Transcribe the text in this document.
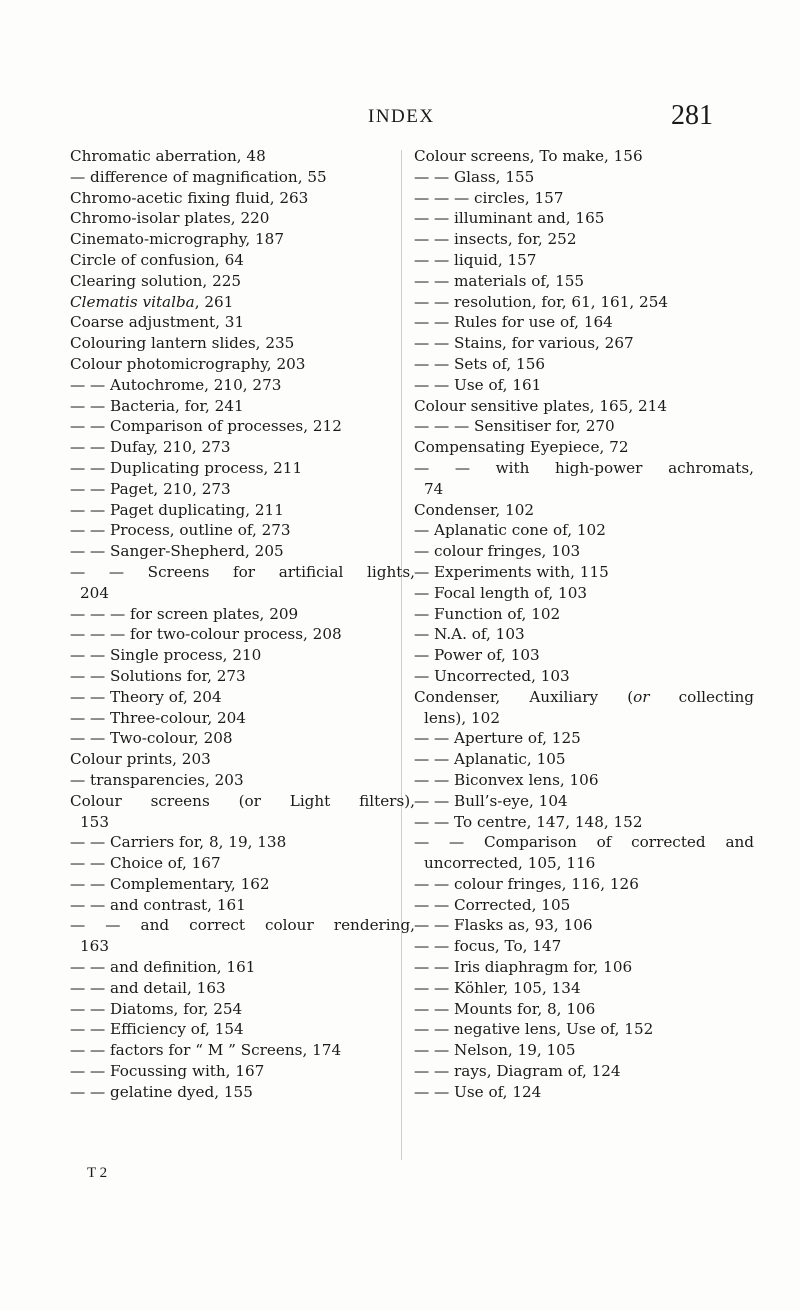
INDEX	281
Chromatic aberration, 48
— difference of magnification, 55
Chromo-acetic fixing fluid, 263
Chromo-isolar plates, 220
Cinemato-micrography, 187
Circle of confusion, 64
Clearing solution, 225
Clematis vitalba, 261
Coarse adjustment, 31
Colouring lantern slides, 235
Colour photomicrography, 203
— — Autochrome, 210, 273
— — Bacteria, for, 241
— — Comparison of processes, 212
— — Dufay, 210, 273
— — Duplicating process, 211
— — Paget, 210, 273
— — Paget duplicating, 211
— — Process, outline of, 273
— — Sanger-Shepherd, 205
— — Screens for artificial lights,
204
— — — for screen plates, 209
— — — for two-colour process, 208
— — Single process, 210
— — Solutions for, 273
— — Theory of, 204
— — Three-colour, 204
— — Two-colour, 208
Colour prints, 203
— transparencies, 203
Colour screens (or Light filters),
153
— — Carriers for, 8, 19, 138
— — Choice of, 167
— — Complementary, 162
— — and contrast, 161
— — and correct colour rendering,
163
— — and definition, 161
— — and detail, 163
— — Diatoms, for, 254
— — Efficiency of, 154
— — factors for “ M ” Screens, 174
— — Focussing with, 167
— — gelatine dyed, 155
Colour screens, To make, 156
— — Glass, 155
— — — circles, 157
— — illuminant and, 165
— — insects, for, 252
— — liquid, 157
— — materials of, 155
— — resolution, for, 61, 161, 254
— — Rules for use of, 164
— — Stains, for various, 267
— — Sets of, 156
— — Use of, 161
Colour sensitive plates, 165, 214
— — — Sensitiser for, 270
Compensating Eyepiece, 72
— — with high-power achromats,
74
Condenser, 102
— Aplanatic cone of, 102
— colour fringes, 103
— Experiments with, 115
— Focal length of, 103
— Function of, 102
— N.A. of, 103
— Power of, 103
— Uncorrected, 103
Condenser, Auxiliary (or collecting
lens), 102
— — Aperture of, 125
— — Aplanatic, 105
— — Biconvex lens, 106
— — Bull’s-eye, 104
— — To centre, 147, 148, 152
— — Comparison of corrected and
uncorrected, 105, 116
— — colour fringes, 116, 126
— — Corrected, 105
— — Flasks as, 93, 106
— — focus, To, 147
— — Iris diaphragm for, 106
— — Köhler, 105, 134
— — Mounts for, 8, 106
— — negative lens, Use of, 152
— — Nelson, 19, 105
— — rays, Diagram of, 124
— — Use of, 124
T 2
